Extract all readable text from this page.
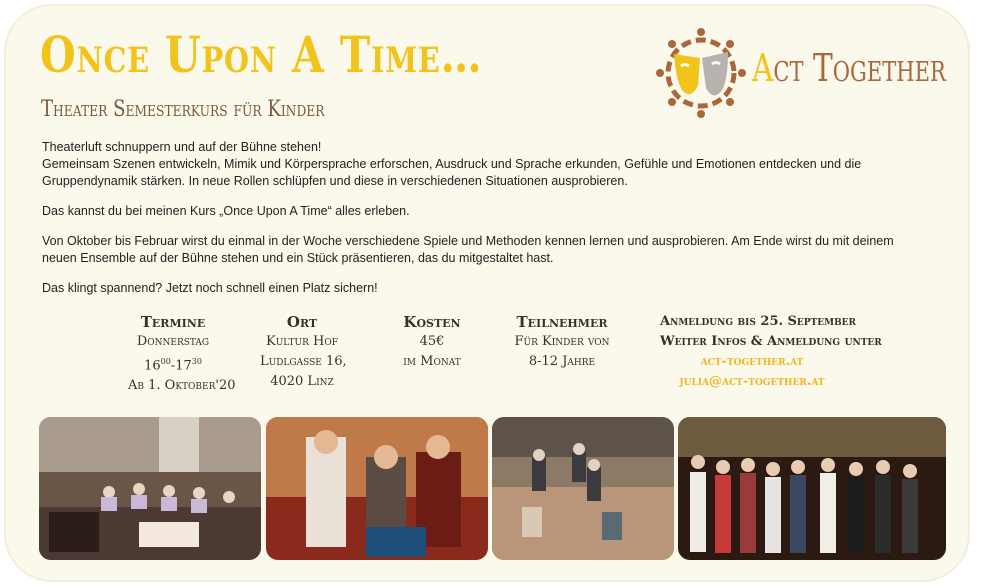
Once Upon A Time…
Theater Semesterkurs für Kinder
Act Together

Theaterluft schnuppern und auf der Bühne stehen!
Gemeinsam Szenen entwickeln, Mimik und Körpersprache erforschen, Ausdruck und Sprache erkunden, Gefühle und Emotionen entdecken und die Gruppendynamik stärken. In neue Rollen schlüpfen und diese in verschiedenen Situationen ausprobieren.

Das kannst du bei meinen Kurs „Once Upon A Time“ alles erleben.

Von Oktober bis Februar wirst du einmal in der Woche verschiedene Spiele und Methoden kennen lernen und ausprobieren. Am Ende wirst du mit deinem neuen Ensemble auf der Bühne stehen und ein Stück präsentieren, das du mitgestaltet hast.

Das klingt spannend? Jetzt noch schnell einen Platz sichern!

Termine
Donnerstag
$16^{00}-17^{30}$
Ab 1. Oktober'20
Ort
Kultur Hof
Ludlgasse 16,
4020 Linz
Kosten
45€
im Monat
Teilnehmer
Für Kinder von
8-12 Jahre
Anmeldung bis 25. September
Weiter Infos & Anmeldung unter
act-together.at
julia@act-together.at
